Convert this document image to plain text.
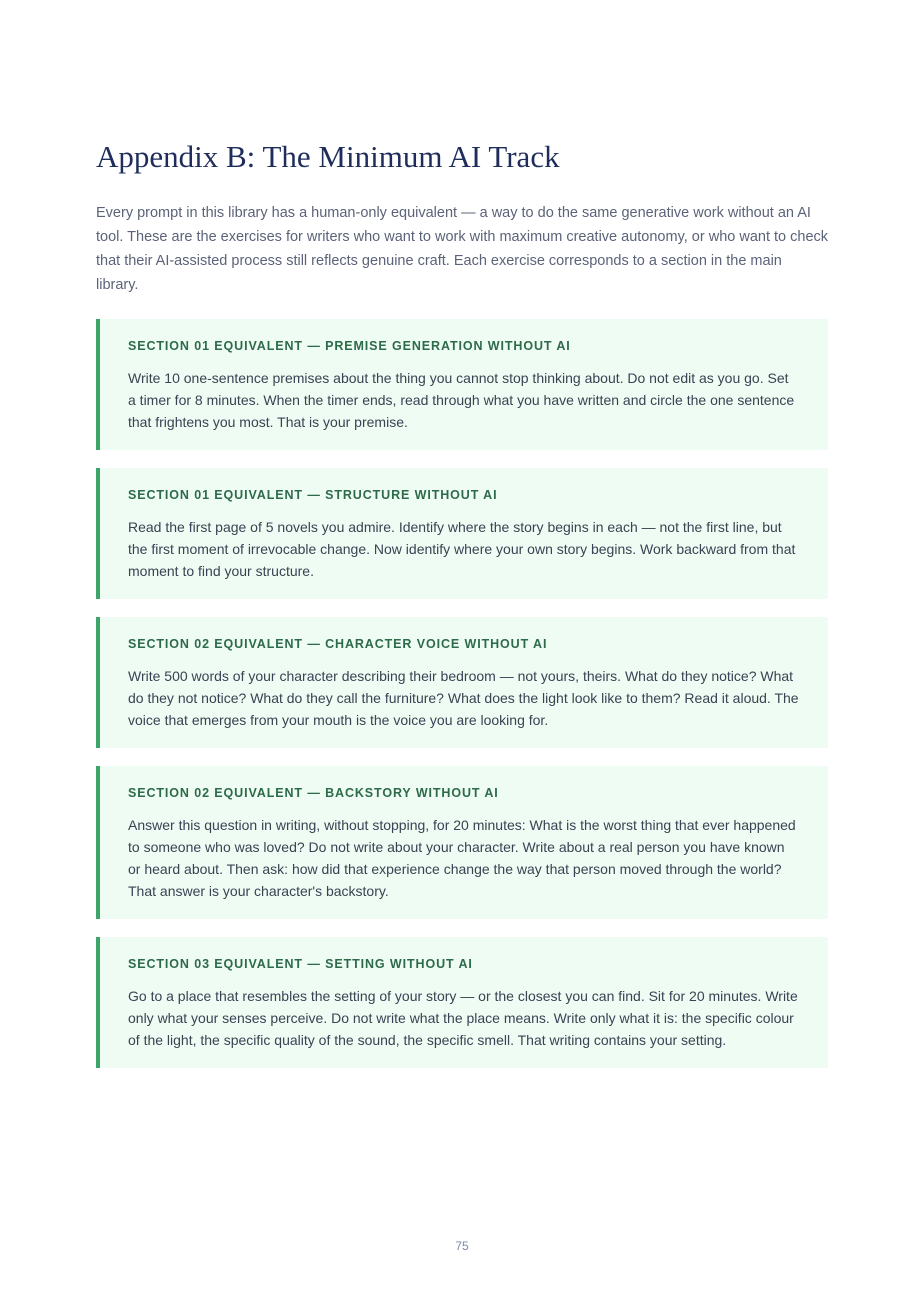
Appendix B: The Minimum AI Track

Every prompt in this library has a human-only equivalent — a way to do the same generative work without an AI tool. These are the exercises for writers who want to work with maximum creative autonomy, or who want to check that their AI-assisted process still reflects genuine craft. Each exercise corresponds to a section in the main library.

SECTION 01 EQUIVALENT — PREMISE GENERATION WITHOUT AI

Write 10 one-sentence premises about the thing you cannot stop thinking about. Do not edit as you go. Set a timer for 8 minutes. When the timer ends, read through what you have written and circle the one sentence that frightens you most. That is your premise.

SECTION 01 EQUIVALENT — STRUCTURE WITHOUT AI

Read the first page of 5 novels you admire. Identify where the story begins in each — not the first line, but the first moment of irrevocable change. Now identify where your own story begins. Work backward from that moment to find your structure.

SECTION 02 EQUIVALENT — CHARACTER VOICE WITHOUT AI

Write 500 words of your character describing their bedroom — not yours, theirs. What do they notice? What do they not notice? What do they call the furniture? What does the light look like to them? Read it aloud. The voice that emerges from your mouth is the voice you are looking for.

SECTION 02 EQUIVALENT — BACKSTORY WITHOUT AI

Answer this question in writing, without stopping, for 20 minutes: What is the worst thing that ever happened to someone who was loved? Do not write about your character. Write about a real person you have known or heard about. Then ask: how did that experience change the way that person moved through the world? That answer is your character's backstory.

SECTION 03 EQUIVALENT — SETTING WITHOUT AI

Go to a place that resembles the setting of your story — or the closest you can find. Sit for 20 minutes. Write only what your senses perceive. Do not write what the place means. Write only what it is: the specific colour of the light, the specific quality of the sound, the specific smell. That writing contains your setting.

75
